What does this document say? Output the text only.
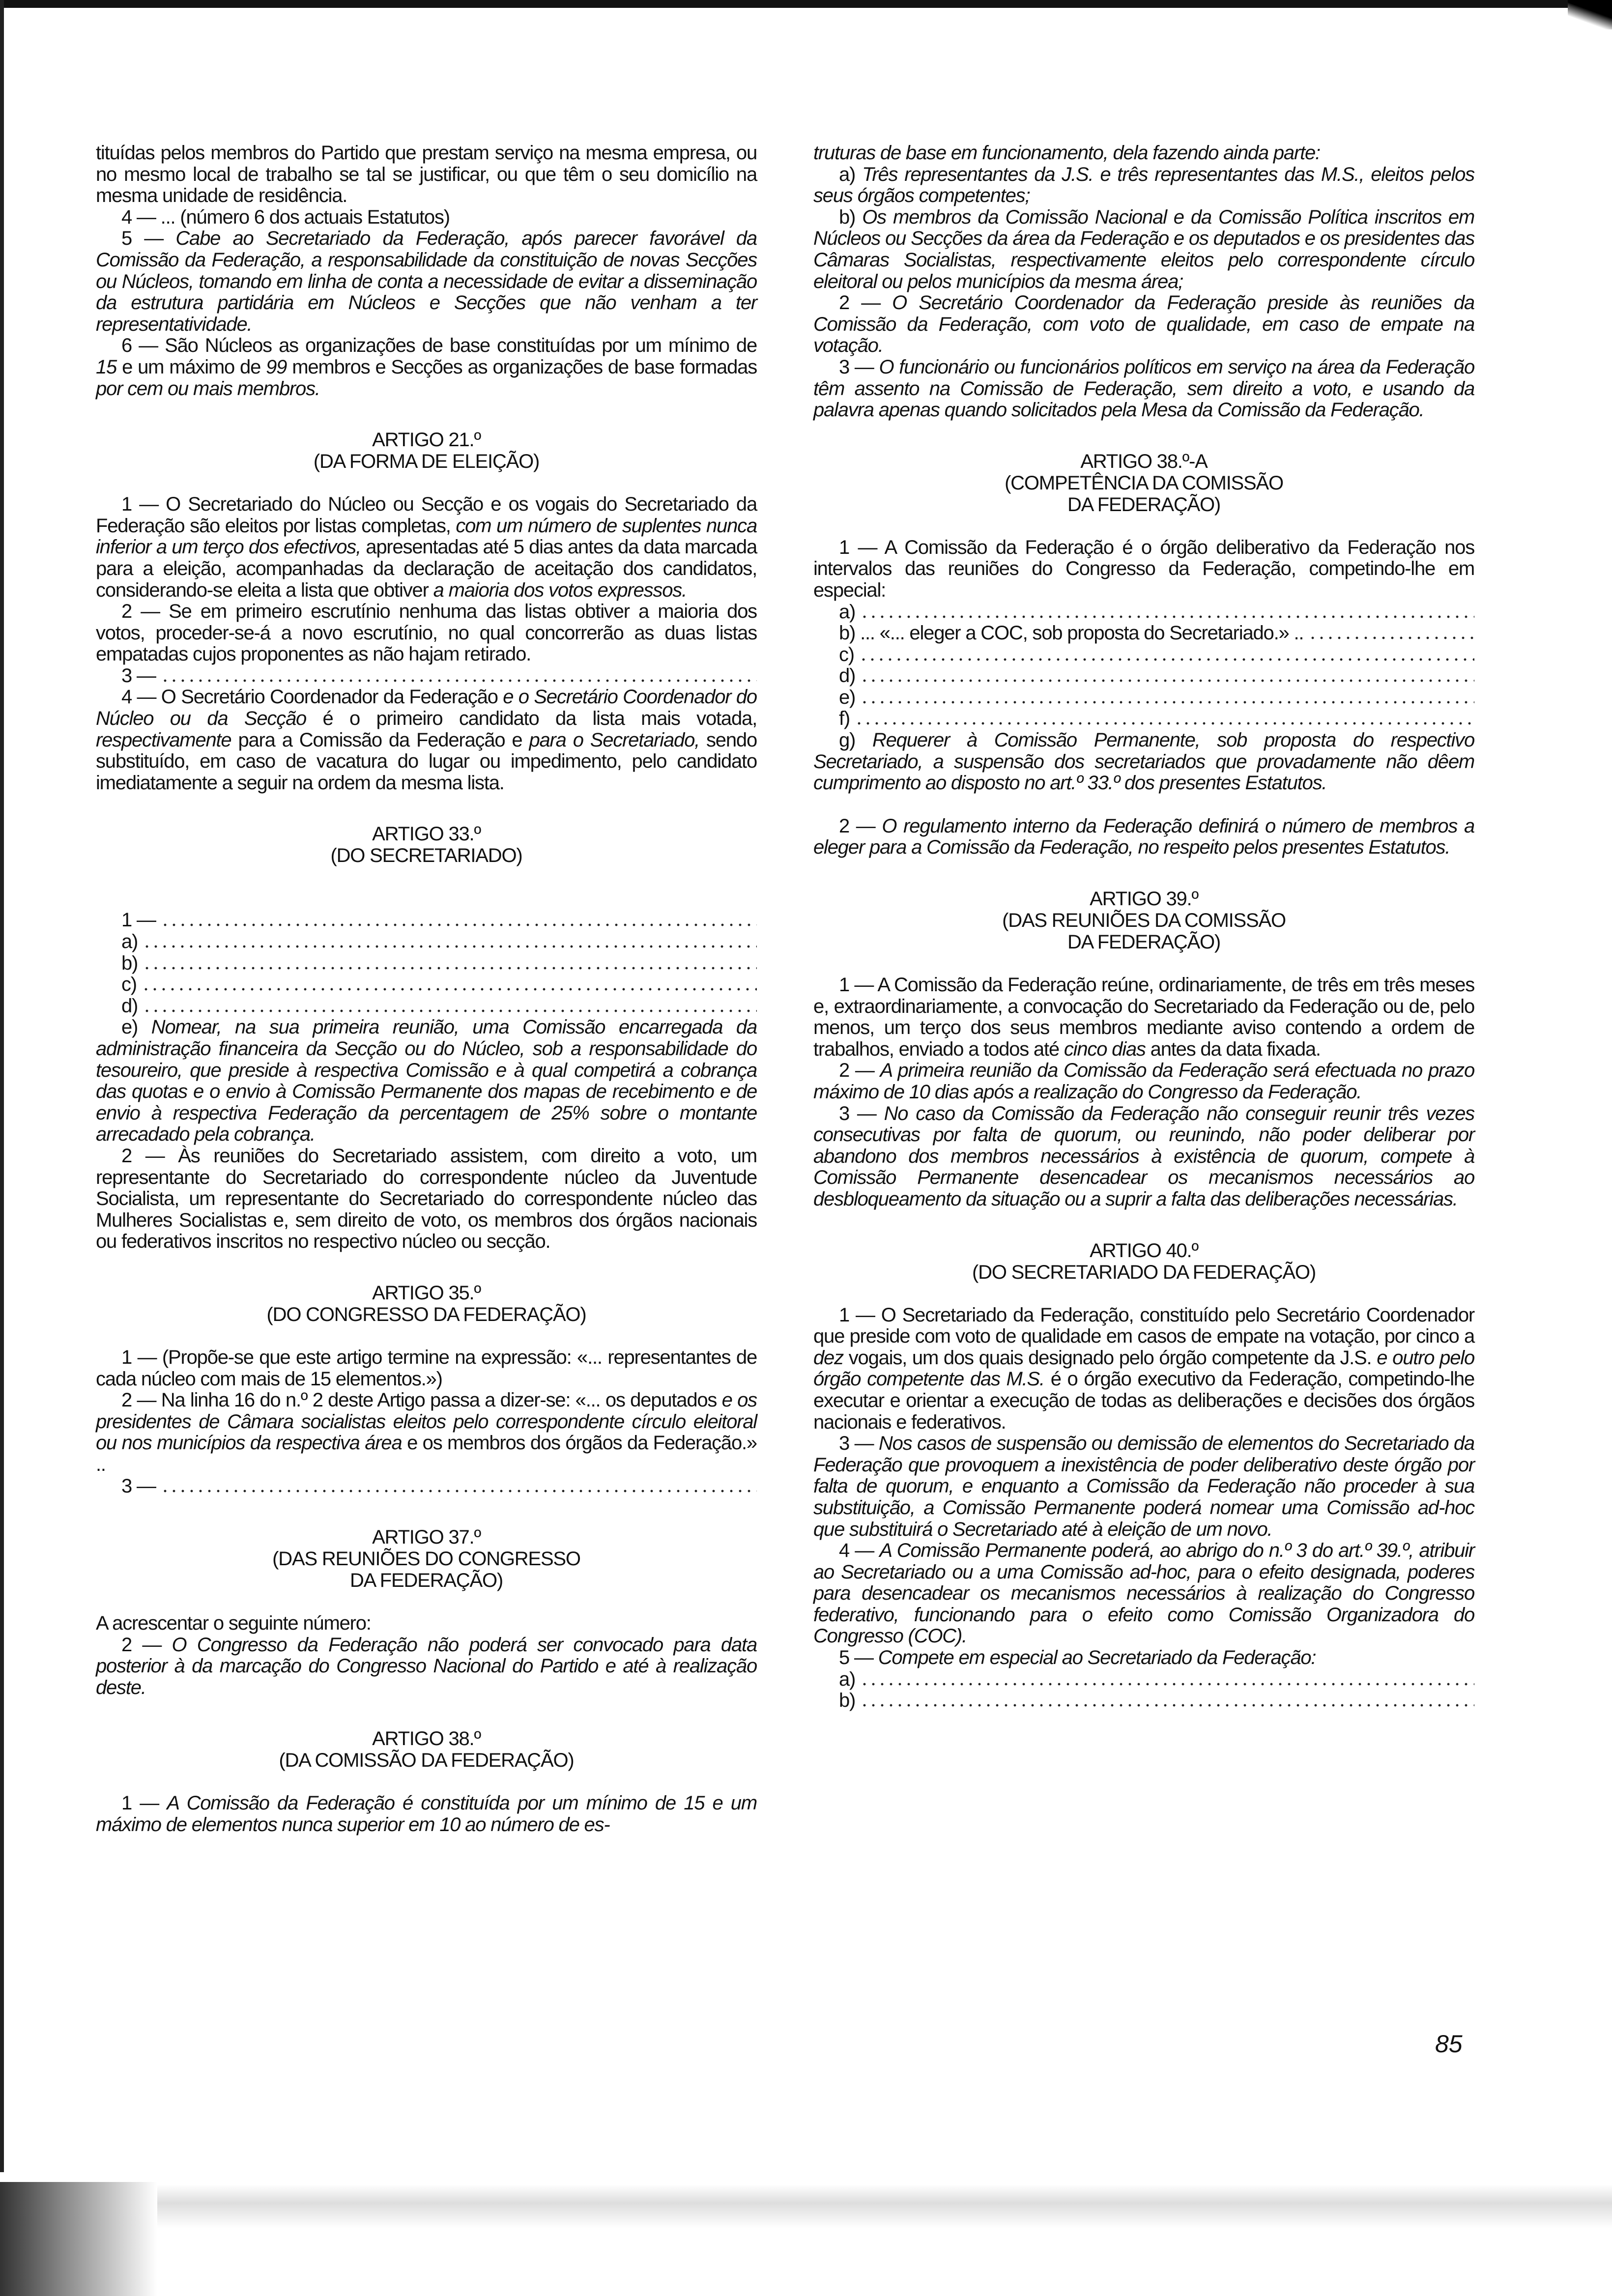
tituídas pelos membros do Partido que prestam serviço na mesma empresa, ou no mesmo local de trabalho se tal se justificar, ou que têm o seu domicílio na mesma unidade de residência.

4 — ... (número 6 dos actuais Estatutos)

5 — Cabe ao Secretariado da Federação, após parecer favorável da Comissão da Federação, a responsabilidade da constituição de novas Secções ou Núcleos, tomando em linha de conta a necessidade de evitar a disseminação da estrutura partidária em Núcleos e Secções que não venham a ter representatividade.

6 — São Núcleos as organizações de base constituídas por um mínimo de 15 e um máximo de 99 membros e Secções as organizações de base formadas por cem ou mais membros.

ARTIGO 21.º
(DA FORMA DE ELEIÇÃO)

1 — O Secretariado do Núcleo ou Secção e os vogais do Secretariado da Federação são eleitos por listas completas, com um número de suplentes nunca inferior a um terço dos efectivos, apresentadas até 5 dias antes da data marcada para a eleição, acompanhadas da declaração de aceitação dos candidatos, considerando-se eleita a lista que obtiver a maioria dos votos expressos.

2 — Se em primeiro escrutínio nenhuma das listas obtiver a maioria dos votos, proceder-se-á a novo escrutínio, no qual concorrerão as duas listas empatadas cujos proponentes as não hajam retirado.

3 —

4 — O Secretário Coordenador da Federação e o Secretário Coordenador do Núcleo ou da Secção é o primeiro candidato da lista mais votada, respectivamente para a Comissão da Federação e para o Secretariado, sendo substituído, em caso de vacatura do lugar ou impedimento, pelo candidato imediatamente a seguir na ordem da mesma lista.

ARTIGO 33.º
(DO SECRETARIADO)
1 —
a)
b)
c)
d)

e) Nomear, na sua primeira reunião, uma Comissão encarregada da administração financeira da Secção ou do Núcleo, sob a responsabilidade do tesoureiro, que preside à respectiva Comissão e à qual competirá a cobrança das quotas e o envio à Comissão Permanente dos mapas de recebimento e de envio à respectiva Federação da percentagem de 25% sobre o montante arrecadado pela cobrança.

2 — Às reuniões do Secretariado assistem, com direito a voto, um representante do Secretariado do correspondente núcleo da Juventude Socialista, um representante do Secretariado do correspondente núcleo das Mulheres Socialistas e, sem direito de voto, os membros dos órgãos nacionais ou federativos inscritos no respectivo núcleo ou secção.

ARTIGO 35.º
(DO CONGRESSO DA FEDERAÇÃO)

1 — (Propõe-se que este artigo termine na expressão: «... representantes de cada núcleo com mais de 15 elementos.»)

2 — Na linha 16 do n.º 2 deste Artigo passa a dizer-se: «... os deputados e os presidentes de Câmara socialistas eleitos pelo correspondente círculo eleitoral ou nos municípios da respectiva área e os membros dos órgãos da Federação.» ..

3 —
ARTIGO 37.º
(DAS REUNIÕES DO CONGRESSO
DA FEDERAÇÃO)

A acrescentar o seguinte número:

2 — O Congresso da Federação não poderá ser convocado para data posterior à da marcação do Congresso Nacional do Partido e até à realização deste.

ARTIGO 38.º
(DA COMISSÃO DA FEDERAÇÃO)

1 — A Comissão da Federação é constituída por um mínimo de 15 e um máximo de elementos nunca superior em 10 ao número de es-

truturas de base em funcionamento, dela fazendo ainda parte:

a) Três representantes da J.S. e três representantes das M.S., eleitos pelos seus órgãos competentes;

b) Os membros da Comissão Nacional e da Comissão Política inscritos em Núcleos ou Secções da área da Federação e os deputados e os presidentes das Câmaras Socialistas, respectivamente eleitos pelo correspondente círculo eleitoral ou pelos municípios da mesma área;

2 — O Secretário Coordenador da Federação preside às reuniões da Comissão da Federação, com voto de qualidade, em caso de empate na votação.

3 — O funcionário ou funcionários políticos em serviço na área da Federação têm assento na Comissão de Federação, sem direito a voto, e usando da palavra apenas quando solicitados pela Mesa da Comissão da Federação.

ARTIGO 38.º-A
(COMPETÊNCIA DA COMISSÃO
DA FEDERAÇÃO)

1 — A Comissão da Federação é o órgão deliberativo da Federação nos intervalos das reuniões do Congresso da Federação, competindo-lhe em especial:

a)
b) ... «... eleger a COC, sob proposta do Secretariado.» ..
c)
d)
e)
f)

g) Requerer à Comissão Permanente, sob proposta do respectivo Secretariado, a suspensão dos secretariados que provadamente não dêem cumprimento ao disposto no art.º 33.º dos presentes Estatutos.

2 — O regulamento interno da Federação definirá o número de membros a eleger para a Comissão da Federação, no respeito pelos presentes Estatutos.

ARTIGO 39.º
(DAS REUNIÕES DA COMISSÃO
DA FEDERAÇÃO)

1 — A Comissão da Federação reúne, ordinariamente, de três em três meses e, extraordinariamente, a convocação do Secretariado da Federação ou de, pelo menos, um terço dos seus membros mediante aviso contendo a ordem de trabalhos, enviado a todos até cinco dias antes da data fixada.

2 — A primeira reunião da Comissão da Federação será efectuada no prazo máximo de 10 dias após a realização do Congresso da Federação.

3 — No caso da Comissão da Federação não conseguir reunir três vezes consecutivas por falta de quorum, ou reunindo, não poder deliberar por abandono dos membros necessários à existência de quorum, compete à Comissão Permanente desencadear os mecanismos necessários ao desbloqueamento da situação ou a suprir a falta das deliberações necessárias.

ARTIGO 40.º
(DO SECRETARIADO DA FEDERAÇÃO)

1 — O Secretariado da Federação, constituído pelo Secretário Coordenador que preside com voto de qualidade em casos de empate na votação, por cinco a dez vogais, um dos quais designado pelo órgão competente da J.S. e outro pelo órgão competente das M.S. é o órgão executivo da Federação, competindo-lhe executar e orientar a execução de todas as deliberações e decisões dos órgãos nacionais e federativos.

3 — Nos casos de suspensão ou demissão de elementos do Secretariado da Federação que provoquem a inexistência de poder deliberativo deste órgão por falta de quorum, e enquanto a Comissão da Federação não proceder à sua substituição, a Comissão Permanente poderá nomear uma Comissão ad-hoc que substituirá o Secretariado até à eleição de um novo.

4 — A Comissão Permanente poderá, ao abrigo do n.º 3 do art.º 39.º, atribuir ao Secretariado ou a uma Comissão ad-hoc, para o efeito designada, poderes para desencadear os mecanismos necessários à realização do Congresso federativo, funcionando para o efeito como Comissão Organizadora do Congresso (COC).

5 — Compete em especial ao Secretariado da Federação:

a)
b)
85
